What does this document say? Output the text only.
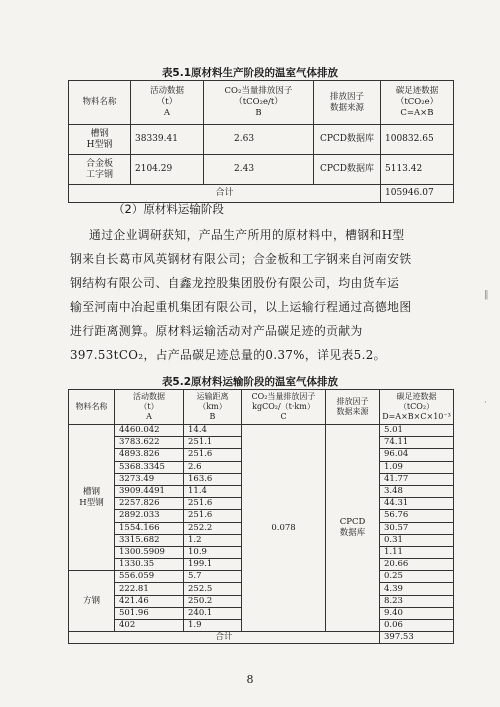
表5.1原材料生产阶段的温室气体排放
物料名称	活动数据
（t）
A	CO₂当量排放因子
（tCO₂e/t）
B	排放因子
数据来源	碳足迹数据
（tCO₂e）
C=A×B
槽钢
H型钢	38339.41	2.63	CPCD数据库	100832.65
合金板
工字钢	2104.29	2.43	CPCD数据库	5113.42
合计				105946.07
（2）原材料运输阶段
通过企业调研获知，产品生产所用的原材料中，槽钢和H型
钢来自长葛市风英钢材有限公司；合金板和工字钢来自河南安铁
钢结构有限公司、自鑫龙控股集团股份有限公司，均由货车运
输至河南中冶起重机集团有限公司，以上运输行程通过高德地图
进行距离测算。原材料运输活动对产品碳足迹的贡献为
397.53tCO₂，占产品碳足迹总量的0.37%，详见表5.2。
表5.2原材料运输阶段的温室气体排放
物料名称	活动数据
（t）
A	运输距离
（km）
B	CO₂当量排放因子
kgCO₂/（t·km）
C	排放因子
数据来源	碳足迹数据
（tCO₂）
D=A×B×C×10⁻³
槽钢
H型钢	4460.042	14.4	0.078	CPCD
数据库	5.01
	3783.622	251.1			74.11
	4893.826	251.6			96.04
	5368.3345	2.6			1.09
	3273.49	163.6			41.77
	3909.4491	11.4			3.48
	2257.826	251.6			44.31
	2892.033	251.6			56.76
	1554.166	252.2			30.57
	3315.682	1.2			0.31
	1300.5909	10.9			1.11
	1330.35	199.1			20.66
方钢	556.059	5.7			0.25
	222.81	252.5			4.39
	421.46	250.2			8.23
	501.96	240.1			9.40
	402	1.9			0.06
合计					397.53
‖
·
8
